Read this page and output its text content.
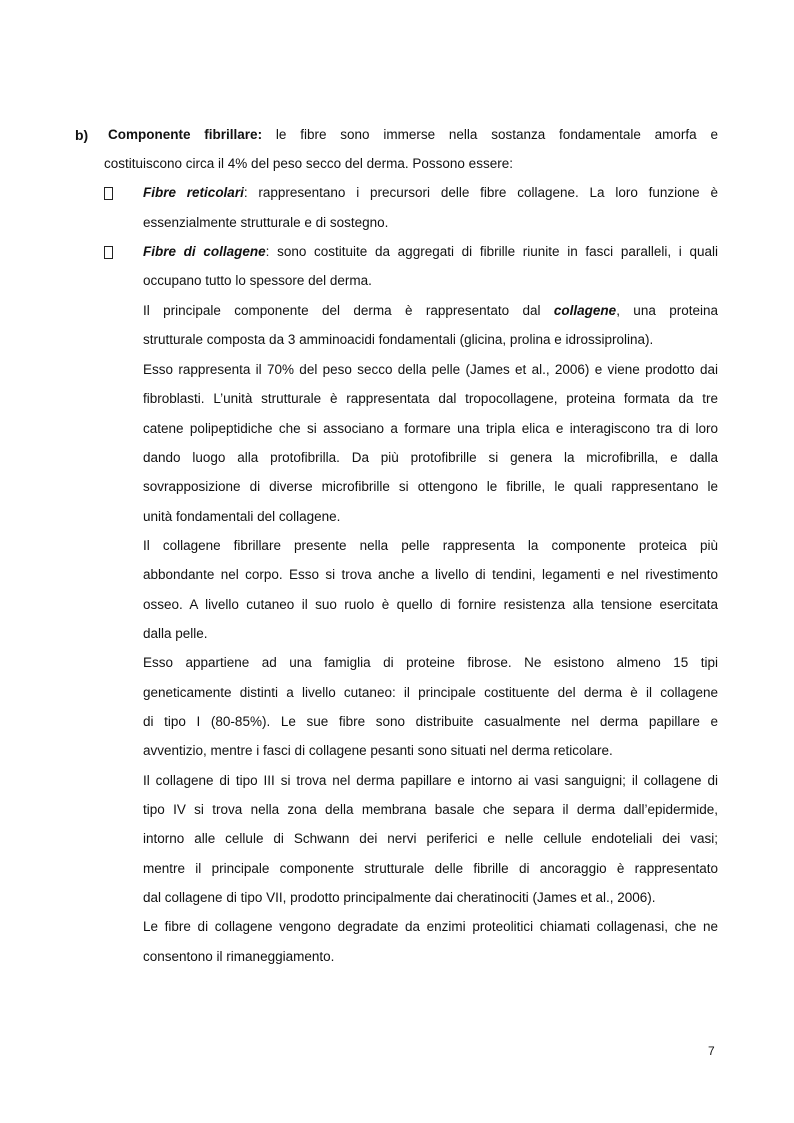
b) Componente fibrillare: le fibre sono immerse nella sostanza fondamentale amorfa e
costituiscono circa il 4% del peso secco del derma. Possono essere:
Fibre reticolari: rappresentano i precursori delle fibre collagene. La loro funzione è
essenzialmente strutturale e di sostegno.
Fibre di collagene: sono costituite da aggregati di fibrille riunite in fasci paralleli, i quali
occupano tutto lo spessore del derma.
Il principale componente del derma è rappresentato dal collagene, una proteina
strutturale composta da 3 amminoacidi fondamentali (glicina, prolina e idrossiprolina).
Esso rappresenta il 70% del peso secco della pelle (James et al., 2006) e viene prodotto dai
fibroblasti. L’unità strutturale è rappresentata dal tropocollagene, proteina formata da tre
catene polipeptidiche che si associano a formare una tripla elica e interagiscono tra di loro
dando luogo alla protofibrilla. Da più protofibrille si genera la microfibrilla, e dalla
sovrapposizione di diverse microfibrille si ottengono le fibrille, le quali rappresentano le
unità fondamentali del collagene.
Il collagene fibrillare presente nella pelle rappresenta la componente proteica più
abbondante nel corpo. Esso si trova anche a livello di tendini, legamenti e nel rivestimento
osseo. A livello cutaneo il suo ruolo è quello di fornire resistenza alla tensione esercitata
dalla pelle.
Esso appartiene ad una famiglia di proteine fibrose. Ne esistono almeno 15 tipi
geneticamente distinti a livello cutaneo: il principale costituente del derma è il collagene
di tipo I (80-85%). Le sue fibre sono distribuite casualmente nel derma papillare e
avventizio, mentre i fasci di collagene pesanti sono situati nel derma reticolare.
Il collagene di tipo III si trova nel derma papillare e intorno ai vasi sanguigni; il collagene di
tipo IV si trova nella zona della membrana basale che separa il derma dall’epidermide,
intorno alle cellule di Schwann dei nervi periferici e nelle cellule endoteliali dei vasi;
mentre il principale componente strutturale delle fibrille di ancoraggio è rappresentato
dal collagene di tipo VII, prodotto principalmente dai cheratinociti (James et al., 2006).
Le fibre di collagene vengono degradate da enzimi proteolitici chiamati collagenasi, che ne
consentono il rimaneggiamento.
7
